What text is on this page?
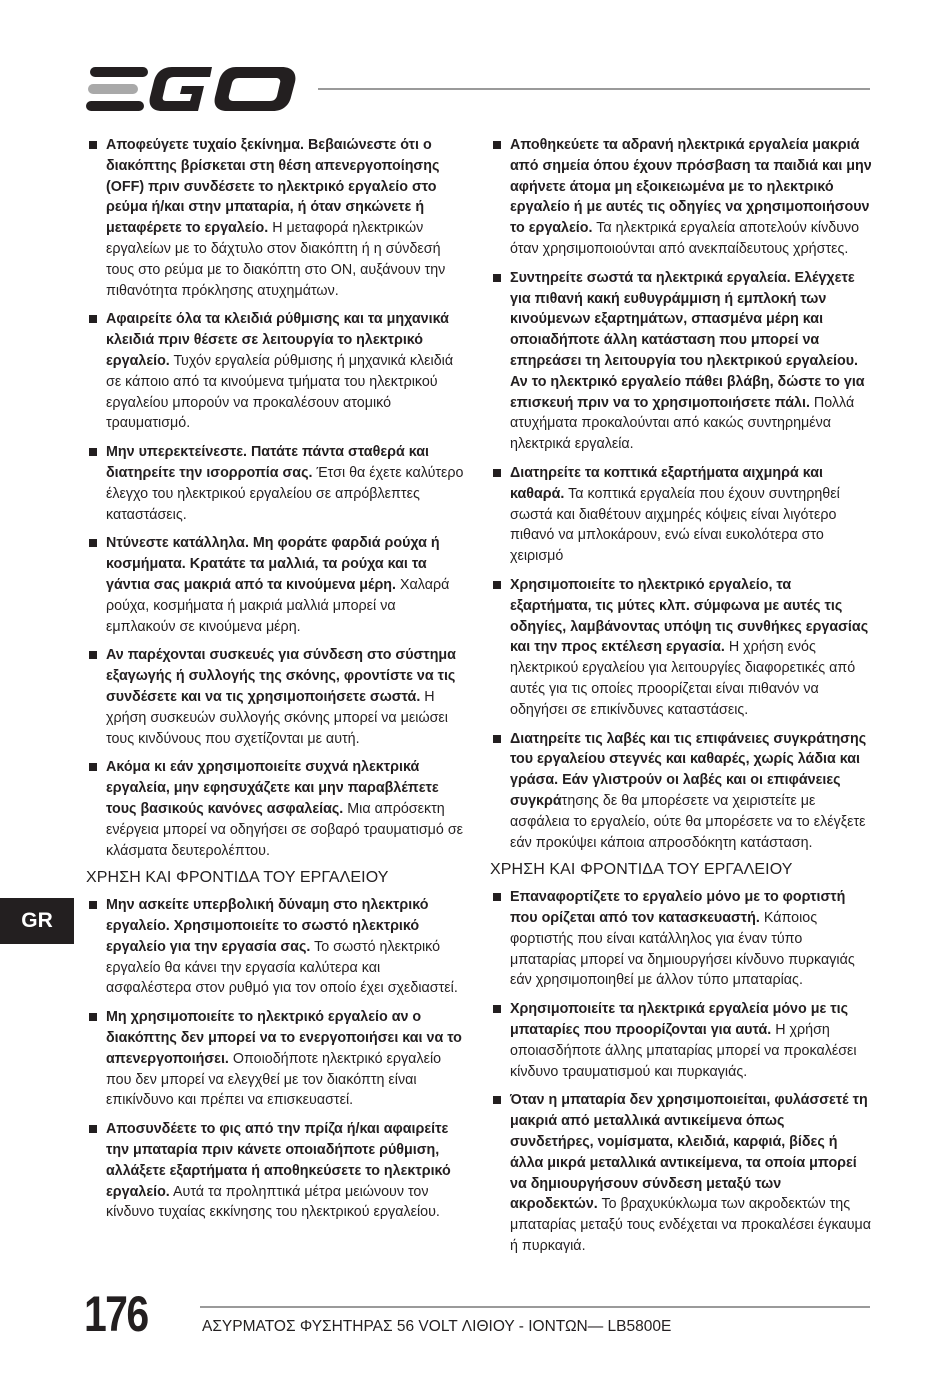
Αποφεύγετε τυχαίο ξεκίνημα. Βεβαιώνεστε ότι ο διακόπτης βρίσκεται στη θέση απενεργοποίησης (OFF) πριν συνδέσετε το ηλεκτρικό εργαλείο στο ρεύμα ή/και στην μπαταρία, ή όταν σηκώνετε ή μεταφέρετε το εργαλείο. Η μεταφορά ηλεκτρικών εργαλείων με το δάχτυλο στον διακόπτη ή η σύνδεσή τους στο ρεύμα με το διακόπτη στο ON, αυξάνουν την πιθανότητα πρόκλησης ατυχημάτων.
Αφαιρείτε όλα τα κλειδιά ρύθμισης και τα μηχανικά κλειδιά πριν θέσετε σε λειτουργία το ηλεκτρικό εργαλείο. Τυχόν εργαλεία ρύθμισης ή μηχανικά κλειδιά σε κάποιο από τα κινούμενα τμήματα του ηλεκτρικού εργαλείου μπορούν να προκαλέσουν ατομικό τραυματισμό.
Μην υπερεκτείνεστε. Πατάτε πάντα σταθερά και διατηρείτε την ισορροπία σας. Έτσι θα έχετε καλύτερο έλεγχο του ηλεκτρικού εργαλείου σε απρόβλεπτες καταστάσεις.
Ντύνεστε κατάλληλα. Μη φοράτε φαρδιά ρούχα ή κοσμήματα. Κρατάτε τα μαλλιά, τα ρούχα και τα γάντια σας μακριά από τα κινούμενα μέρη. Χαλαρά ρούχα, κοσμήματα ή μακριά μαλλιά μπορεί να εμπλακούν σε κινούμενα μέρη.
Αν παρέχονται συσκευές για σύνδεση στο σύστημα εξαγωγής ή συλλογής της σκόνης, φροντίστε να τις συνδέσετε και να τις χρησιμοποιήσετε σωστά. Η χρήση συσκευών συλλογής σκόνης μπορεί να μειώσει τους κινδύνους που σχετίζονται με αυτή.
Ακόμα κι εάν χρησιμοποιείτε συχνά ηλεκτρικά εργαλεία, μην εφησυχάζετε και μην παραβλέπετε τους βασικούς κανόνες ασφαλείας. Μια απρόσεκτη ενέργεια μπορεί να οδηγήσει σε σοβαρό τραυματισμό σε κλάσματα δευτερολέπτου.
ΧΡΗΣΗ ΚΑΙ ΦΡΟΝΤΙΔΑ ΤΟΥ ΕΡΓΑΛΕΙΟΥ
Μην ασκείτε υπερβολική δύναμη στο ηλεκτρικό εργαλείο. Χρησιμοποιείτε το σωστό ηλεκτρικό εργαλείο για την εργασία σας. Το σωστό ηλεκτρικό εργαλείο θα κάνει την εργασία καλύτερα και ασφαλέστερα στον ρυθμό για τον οποίο έχει σχεδιαστεί.
Μη χρησιμοποιείτε το ηλεκτρικό εργαλείο αν ο διακόπτης δεν μπορεί να το ενεργοποιήσει και να το απενεργοποιήσει. Οποιοδήποτε ηλεκτρικό εργαλείο που δεν μπορεί να ελεγχθεί με τον διακόπτη είναι επικίνδυνο και πρέπει να επισκευαστεί.
Αποσυνδέετε το φις από την πρίζα ή/και αφαιρείτε την μπαταρία πριν κάνετε οποιαδήποτε ρύθμιση, αλλάξετε εξαρτήματα ή αποθηκεύσετε το ηλεκτρικό εργαλείο. Αυτά τα προληπτικά μέτρα μειώνουν τον κίνδυνο τυχαίας εκκίνησης του ηλεκτρικού εργαλείου.
Αποθηκεύετε τα αδρανή ηλεκτρικά εργαλεία μακριά από σημεία όπου έχουν πρόσβαση τα παιδιά και μην αφήνετε άτομα μη εξοικειωμένα με το ηλεκτρικό εργαλείο ή με αυτές τις οδηγίες να χρησιμοποιήσουν το εργαλείο. Τα ηλεκτρικά εργαλεία αποτελούν κίνδυνο όταν χρησιμοποιούνται από ανεκπαίδευτους χρήστες.
Συντηρείτε σωστά τα ηλεκτρικά εργαλεία. Ελέγχετε για πιθανή κακή ευθυγράμμιση ή εμπλοκή των κινούμενων εξαρτημάτων, σπασμένα μέρη και οποιαδήποτε άλλη κατάσταση που μπορεί να επηρεάσει τη λειτουργία του ηλεκτρικού εργαλείου. Αν το ηλεκτρικό εργαλείο πάθει βλάβη, δώστε το για επισκευή πριν να το χρησιμοποιήσετε πάλι. Πολλά ατυχήματα προκαλούνται από κακώς συντηρημένα ηλεκτρικά εργαλεία.
Διατηρείτε τα κοπτικά εξαρτήματα αιχμηρά και καθαρά. Τα κοπτικά εργαλεία που έχουν συντηρηθεί σωστά και διαθέτουν αιχμηρές κόψεις είναι λιγότερο πιθανό να μπλοκάρουν, ενώ είναι ευκολότερα στο χειρισμό
Χρησιμοποιείτε το ηλεκτρικό εργαλείο, τα εξαρτήματα, τις μύτες κλπ. σύμφωνα με αυτές τις οδηγίες, λαμβάνοντας υπόψη τις συνθήκες εργασίας και την προς εκτέλεση εργασία. Η χρήση ενός ηλεκτρικού εργαλείου για λειτουργίες διαφορετικές από αυτές για τις οποίες προορίζεται είναι πιθανόν να οδηγήσει σε επικίνδυνες καταστάσεις.
Διατηρείτε τις λαβές και τις επιφάνειες συγκράτησης του εργαλείου στεγνές και καθαρές, χωρίς λάδια και γράσα. Εάν γλιστρούν οι λαβές και οι επιφάνειες συγκράτησης δε θα μπορέσετε να χειριστείτε με ασφάλεια το εργαλείο, ούτε θα μπορέσετε να το ελέγξετε εάν προκύψει κάποια απροσδόκητη κατάσταση.
ΧΡΗΣΗ ΚΑΙ ΦΡΟΝΤΙΔΑ ΤΟΥ ΕΡΓΑΛΕΙΟΥ
Επαναφορτίζετε το εργαλείο μόνο με το φορτιστή που ορίζεται από τον κατασκευαστή. Κάποιος φορτιστής που είναι κατάλληλος για έναν τύπο μπαταρίας μπορεί να δημιουργήσει κίνδυνο πυρκαγιάς εάν χρησιμοποιηθεί με άλλον τύπο μπαταρίας.
Χρησιμοποιείτε τα ηλεκτρικά εργαλεία μόνο με τις μπαταρίες που προορίζονται για αυτά. Η χρήση οποιασδήποτε άλλης μπαταρίας μπορεί να προκαλέσει κίνδυνο τραυματισμού και πυρκαγιάς.
Όταν η μπαταρία δεν χρησιμοποιείται, φυλάσσετέ τη μακριά από μεταλλικά αντικείμενα όπως συνδετήρες, νομίσματα, κλειδιά, καρφιά, βίδες ή άλλα μικρά μεταλλικά αντικείμενα, τα οποία μπορεί να δημιουργήσουν σύνδεση μεταξύ των ακροδεκτών. Το βραχυκύκλωμα των ακροδεκτών της μπαταρίας μεταξύ τους ενδέχεται να προκαλέσει έγκαυμα ή πυρκαγιά.
GR
176	ΑΣΥΡΜΑΤΟΣ ΦΥΣΗΤΗΡΑΣ 56 VOLT ΛΙΘΙΟΥ - ΙΟΝΤΩΝ— LB5800E
